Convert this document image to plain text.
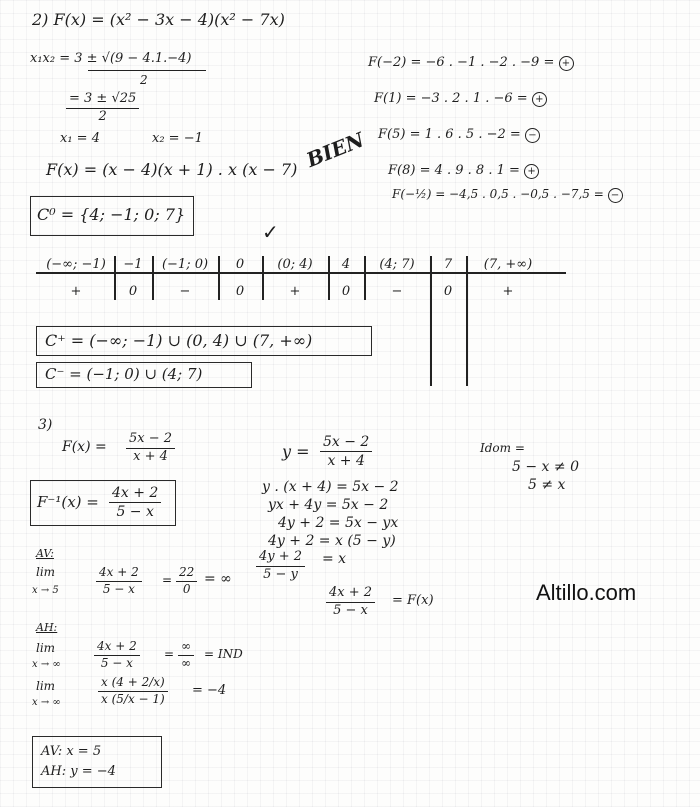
2) F(x) = (x² − 3x − 4)(x² − 7x)
x₁x₂ = 3 ± √(9 − 4.1.−4)
2
$\frac{= 3 \pm √25}{2}$
x₁ = 4	x₂ = −1
F(x) = (x − 4)(x + 1) . x (x − 7) BIEN
✓
C⁰ = {4; −1; 0; 7}
F(−2) = −6 . −1 . −2 . −9 = +
F(1) = −3 . 2 . 1 . −6 = +
F(5) = 1 . 6 . 5 . −2 = −
F(8) = 4 . 9 . 8 . 1 = +
F(−½) = −4,5 . 0,5 . −0,5 . −7,5 = −
(−∞; −1)	−1	(−1; 0)	0	(0; 4)	4	(4; 7)	7	(7, +∞)
+	0	−	0	+	0	−	0	+
C⁺ = (−∞; −1) ∪ (0, 4) ∪ (7, +∞)
C⁻ = (−1; 0) ∪ (4; 7)
3)
$F(x) = \frac{5x - 2}{x + 4}$
$F^{-1}(x) = \frac{4x + 2}{5 - x}$
$y = \frac{5x - 2}{x + 4}$
y . (x + 4) = 5x − 2
yx + 4y = 5x − 2
4y + 2 = 5x − yx
4y + 2 = x (5 − y)
$\frac{4y + 2}{5 - y} = x$
$\frac{4x + 2}{5 - x} = F(x)$
Idom =
5 − x ≠ 0
5 ≠ x
Altillo.com
AV:
lim
x → 5	$\frac{4x + 2}{5 - x} = \frac{22}{0}$ = ∞
AH:
lim
x → ∞	$\frac{4x + 2}{5 - x}$ =
∞
∞
= IND
lim
x → ∞	$\frac{x (4 + 2/x)}{x (5/x - 1)} = -4$
AV: x = 5
AH: y = −4
